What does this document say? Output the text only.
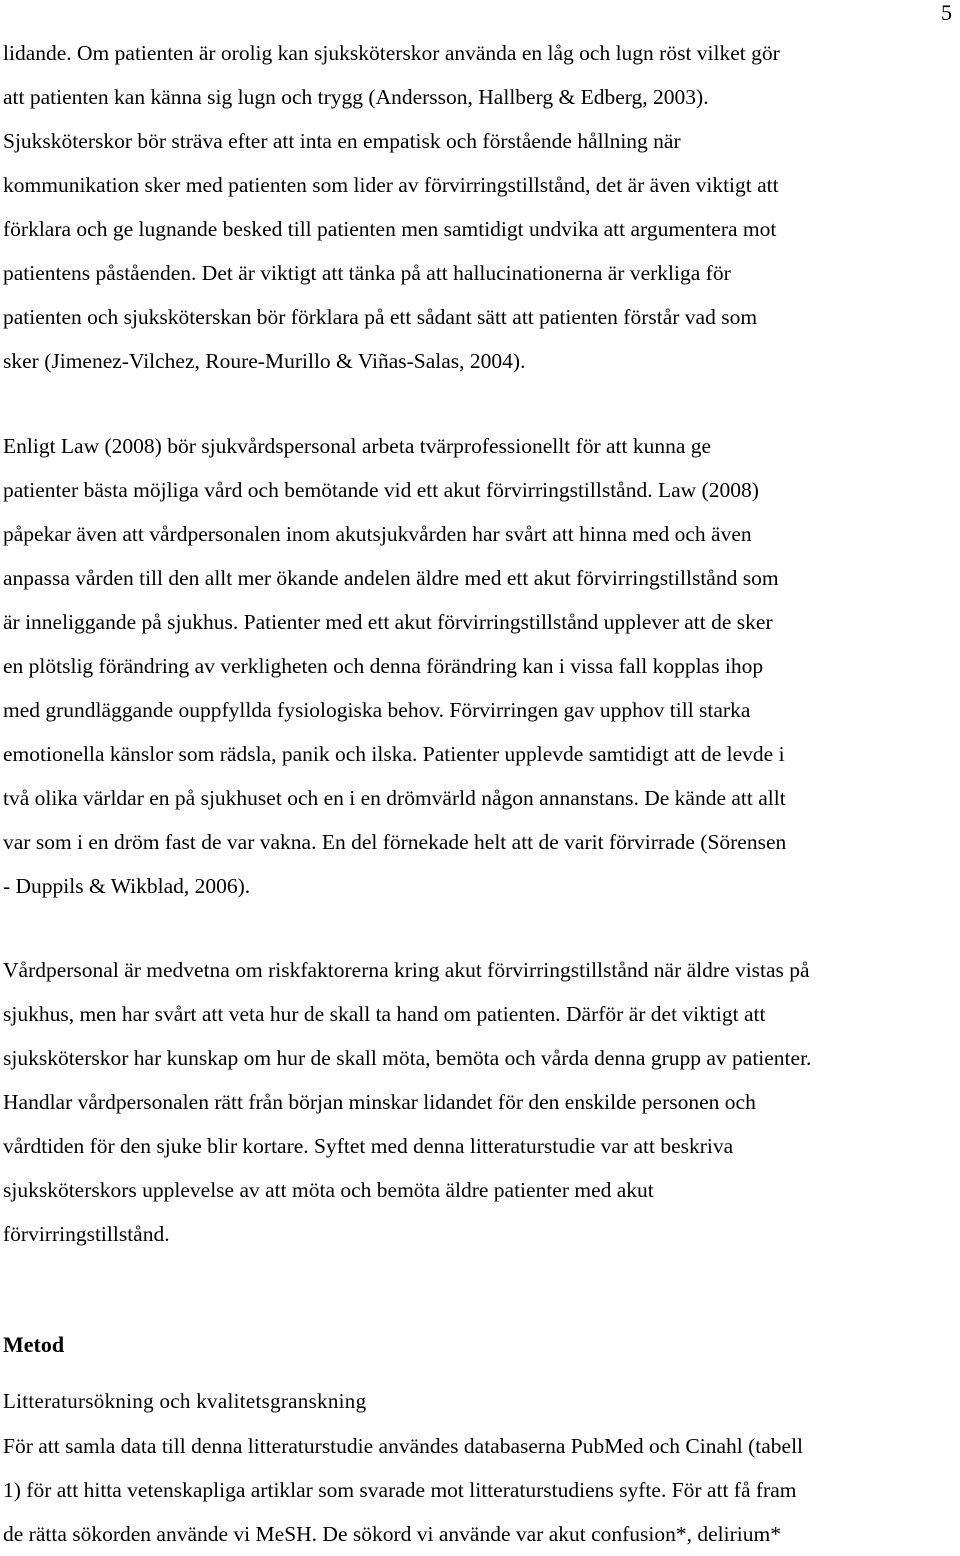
5

lidande. Om patienten är orolig kan sjuksköterskor använda en låg och lugn röst vilket gör
att patienten kan känna sig lugn och trygg (Andersson, Hallberg & Edberg, 2003).
Sjuksköterskor bör sträva efter att inta en empatisk och förstående hållning när
kommunikation sker med patienten som lider av förvirringstillstånd, det är även viktigt att
förklara och ge lugnande besked till patienten men samtidigt undvika att argumentera mot
patientens påståenden. Det är viktigt att tänka på att hallucinationerna är verkliga för
patienten och sjuksköterskan bör förklara på ett sådant sätt att patienten förstår vad som
sker (Jimenez-Vilchez, Roure-Murillo & Viñas-Salas, 2004).

Enligt Law (2008) bör sjukvårdspersonal arbeta tvärprofessionellt för att kunna ge
patienter bästa möjliga vård och bemötande vid ett akut förvirringstillstånd. Law (2008)
påpekar även att vårdpersonalen inom akutsjukvården har svårt att hinna med och även
anpassa vården till den allt mer ökande andelen äldre med ett akut förvirringstillstånd som
är inneliggande på sjukhus. Patienter med ett akut förvirringstillstånd upplever att de sker
en plötslig förändring av verkligheten och denna förändring kan i vissa fall kopplas ihop
med grundläggande ouppfyllda fysiologiska behov. Förvirringen gav upphov till starka
emotionella känslor som rädsla, panik och ilska. Patienter upplevde samtidigt att de levde i
två olika världar en på sjukhuset och en i en drömvärld någon annanstans. De kände att allt
var som i en dröm fast de var vakna. En del förnekade helt att de varit förvirrade (Sörensen
- Duppils & Wikblad, 2006).

Vårdpersonal är medvetna om riskfaktorerna kring akut förvirringstillstånd när äldre vistas på
sjukhus, men har svårt att veta hur de skall ta hand om patienten. Därför är det viktigt att
sjuksköterskor har kunskap om hur de skall möta, bemöta och vårda denna grupp av patienter.
Handlar vårdpersonalen rätt från början minskar lidandet för den enskilde personen och
vårdtiden för den sjuke blir kortare. Syftet med denna litteraturstudie var att beskriva
sjuksköterskors upplevelse av att möta och bemöta äldre patienter med akut
förvirringstillstånd.

Metod
Litteratursökning och kvalitetsgranskning

För att samla data till denna litteraturstudie användes databaserna PubMed och Cinahl (tabell
1) för att hitta vetenskapliga artiklar som svarade mot litteraturstudiens syfte. För att få fram
de rätta sökorden använde vi MeSH. De sökord vi använde var akut confusion*, delirium*
